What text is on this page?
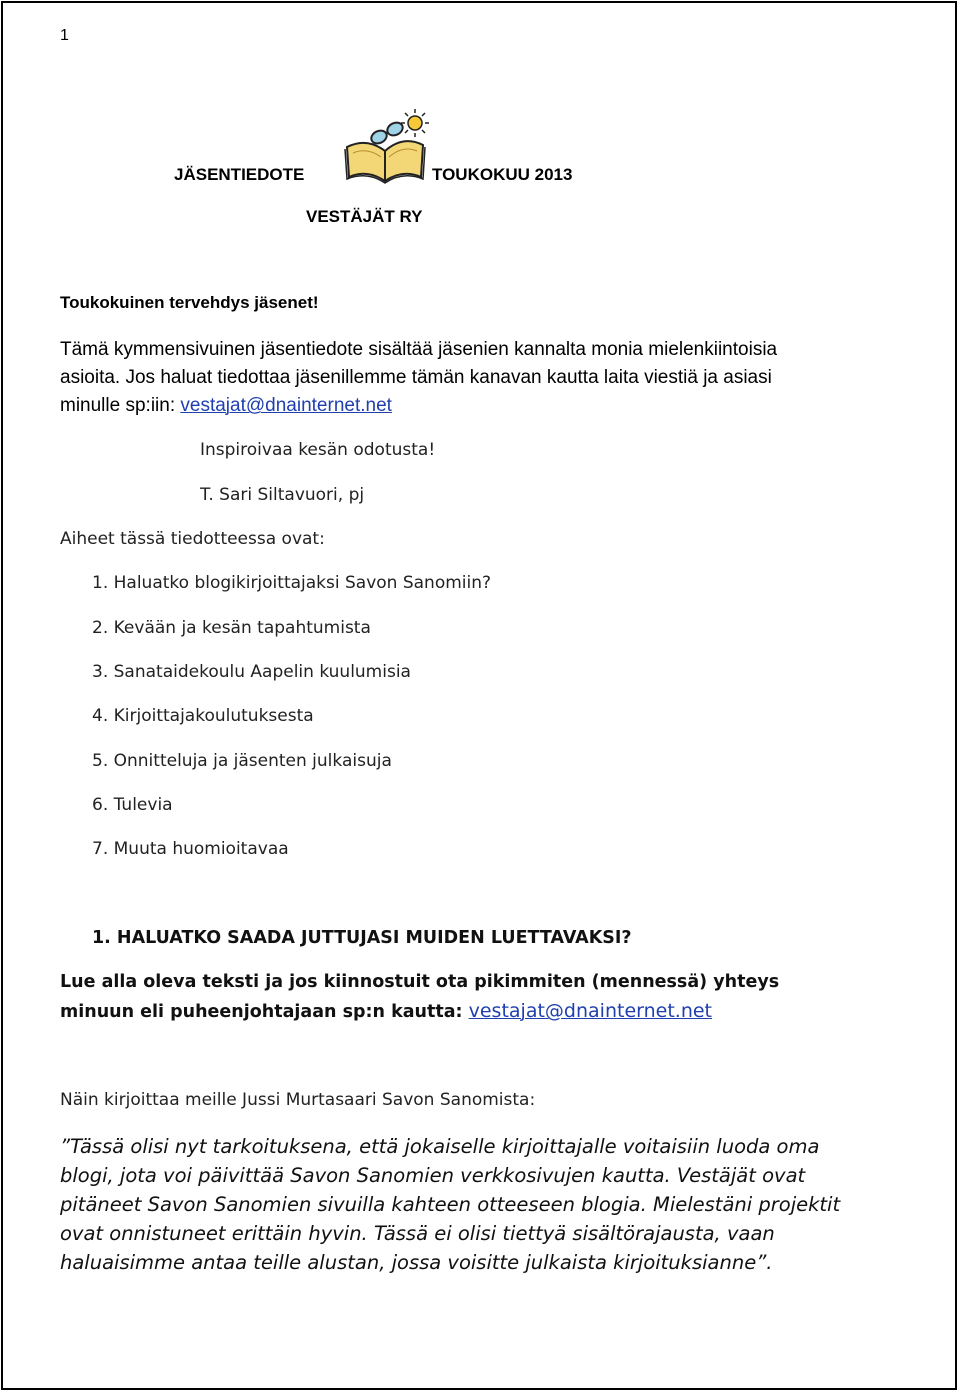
1
JÄSENTIEDOTE	TOUKOKUU 2013
VESTÄJÄT RY
Toukokuinen tervehdys jäsenet!
Tämä kymmensivuinen jäsentiedote sisältää jäsenien kannalta monia mielenkiintoisia
asioita. Jos haluat tiedottaa jäsenillemme tämän kanavan kautta laita viestiä ja asiasi
minulle sp:iin: vestajat@dnainternet.net
Inspiroivaa kesän odotusta!
T. Sari Siltavuori, pj
Aiheet tässä tiedotteessa ovat:
1. Haluatko blogikirjoittajaksi Savon Sanomiin?
2. Kevään ja kesän tapahtumista
3. Sanataidekoulu Aapelin kuulumisia
4. Kirjoittajakoulutuksesta
5. Onnitteluja ja jäsenten julkaisuja
6. Tulevia
7. Muuta huomioitavaa
1. HALUATKO SAADA JUTTUJASI MUIDEN LUETTAVAKSI?
Lue alla oleva teksti ja jos kiinnostuit ota pikimmiten (mennessä) yhteys
minuun eli puheenjohtajaan sp:n kautta: vestajat@dnainternet.net
Näin kirjoittaa meille Jussi Murtasaari Savon Sanomista:
”Tässä olisi nyt tarkoituksena, että jokaiselle kirjoittajalle voitaisiin luoda oma
blogi, jota voi päivittää Savon Sanomien verkkosivujen kautta. Vestäjät ovat
pitäneet Savon Sanomien sivuilla kahteen otteeseen blogia. Mielestäni projektit
ovat onnistuneet erittäin hyvin. Tässä ei olisi tiettyä sisältörajausta, vaan
haluaisimme antaa teille alustan, jossa voisitte julkaista kirjoituksianne”.
